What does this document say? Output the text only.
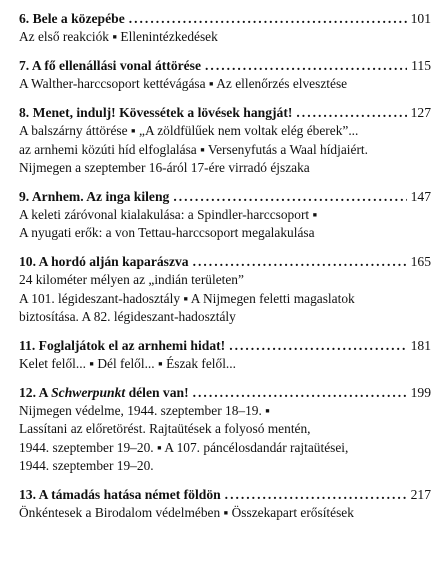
6. Bele a közepébe .....	101
Az első reakciók ▪ Ellenintézkedések
7. A fő ellenállási vonal áttörése .....	115
A Walther-harccsoport kettévágása ▪ Az ellenőrzés elvesztése
8. Menet, indulj! Kövessétek a lövések hangját! .....	127
A balszárny áttörése ▪ „A zöldfülűek nem voltak elég éberek”...
az arnhemi közúti híd elfoglalása ▪ Versenyfutás a Waal hídjaiért.
Nijmegen a szeptember 16-áról 17-ére virradó éjszaka
9. Arnhem. Az inga kileng .....	147
A keleti záróvonal kialakulása: a Spindler-harccsoport ▪
A nyugati erők: a von Tettau-harccsoport megalakulása
10. A hordó alján kaparászva .....	165
24 kilométer mélyen az „indián területen”
A 101. légideszant-hadosztály ▪ A Nijmegen feletti magaslatok
biztosítása. A 82. légideszant-hadosztály
11. Foglaljátok el az arnhemi hidat! .....	181
Kelet felől... ▪ Dél felől... ▪ Észak felől...
12. A Schwerpunkt délen van! .....	199
Nijmegen védelme, 1944. szeptember 18–19. ▪
Lassítani az előretörést. Rajtaütések a folyosó mentén,
1944. szeptember 19–20. ▪ A 107. páncélosdandár rajtaütései,
1944. szeptember 19–20.
13. A támadás hatása német földön .....	217
Önkéntesek a Birodalom védelmében ▪ Összekapart erősítések
